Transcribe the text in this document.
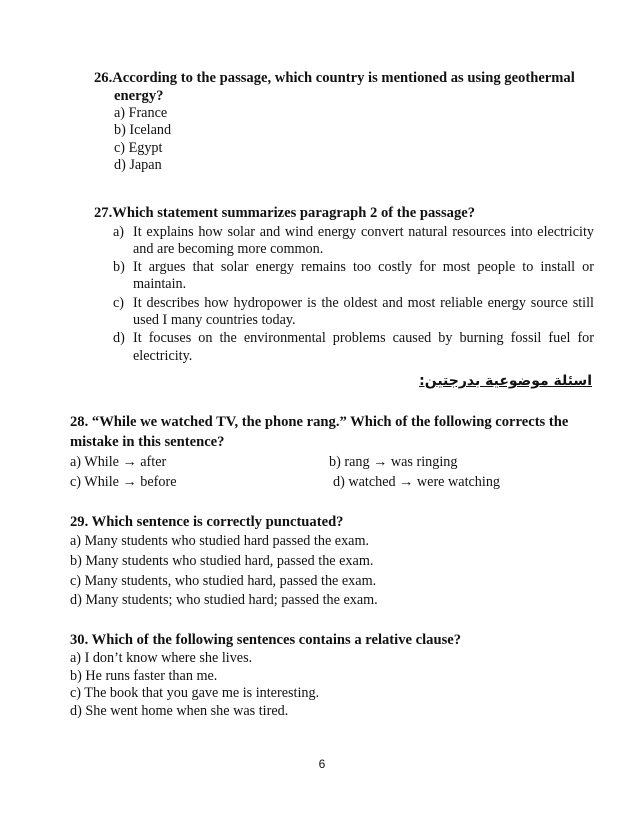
26.According to the passage, which country is mentioned as using geothermal
energy?
a) France
b) Iceland
c) Egypt
d) Japan
27.Which statement summarizes paragraph 2 of the passage?
a) It explains how solar and wind energy convert natural resources into electricity and are becoming more common.
b) It argues that solar energy remains too costly for most people to install or maintain.
c) It describes how hydropower is the oldest and most reliable energy source still used I many countries today.
d) It focuses on the environmental problems caused by burning fossil fuel for electricity.
اسئلة موضوعية بدرجتين:
28. “While we watched TV, the phone rang.” Which of the following corrects the
mistake in this sentence?
a) While → after	b) rang → was ringing
c) While → before	d) watched → were watching
29. Which sentence is correctly punctuated?
a) Many students who studied hard passed the exam.
b) Many students who studied hard, passed the exam.
c) Many students, who studied hard, passed the exam.
d) Many students; who studied hard; passed the exam.
30. Which of the following sentences contains a relative clause?
a) I don’t know where she lives.
b) He runs faster than me.
c) The book that you gave me is interesting.
d) She went home when she was tired.
6
